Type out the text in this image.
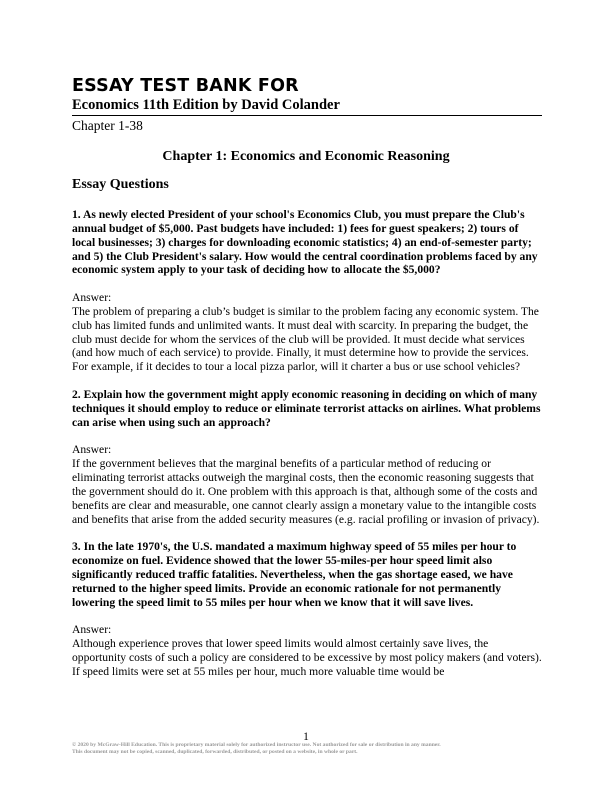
ESSAY TEST BANK FOR
Economics 11th Edition by David Colander
Chapter 1-38
Chapter 1: Economics and Economic Reasoning
Essay Questions
1. As newly elected President of your school's Economics Club, you must prepare the Club's annual budget of $5,000. Past budgets have included: 1) fees for guest speakers; 2) tours of local businesses; 3) charges for downloading economic statistics; 4) an end-of-semester party; and 5) the Club President's salary. How would the central coordination problems faced by any economic system apply to your task of deciding how to allocate the $5,000?
Answer:
The problem of preparing a club’s budget is similar to the problem facing any economic system. The club has limited funds and unlimited wants. It must deal with scarcity. In preparing the budget, the club must decide for whom the services of the club will be provided. It must decide what services (and how much of each service) to provide. Finally, it must determine how to provide the services. For example, if it decides to tour a local pizza parlor, will it charter a bus or use school vehicles?
2. Explain how the government might apply economic reasoning in deciding on which of many techniques it should employ to reduce or eliminate terrorist attacks on airlines. What problems can arise when using such an approach?
Answer:
If the government believes that the marginal benefits of a particular method of reducing or eliminating terrorist attacks outweigh the marginal costs, then the economic reasoning suggests that the government should do it. One problem with this approach is that, although some of the costs and benefits are clear and measurable, one cannot clearly assign a monetary value to the intangible costs and benefits that arise from the added security measures (e.g. racial profiling or invasion of privacy).
3. In the late 1970's, the U.S. mandated a maximum highway speed of 55 miles per hour to economize on fuel. Evidence showed that the lower 55-miles-per hour speed limit also significantly reduced traffic fatalities. Nevertheless, when the gas shortage eased, we have returned to the higher speed limits. Provide an economic rationale for not permanently lowering the speed limit to 55 miles per hour when we know that it will save lives.
Answer:
Although experience proves that lower speed limits would almost certainly save lives, the opportunity costs of such a policy are considered to be excessive by most policy makers (and voters). If speed limits were set at 55 miles per hour, much more valuable time would be
1
© 2020 by McGraw-Hill Education. This is proprietary material solely for authorized instructor use. Not authorized for sale or distribution in any manner.
This document may not be copied, scanned, duplicated, forwarded, distributed, or posted on a website, in whole or part.
